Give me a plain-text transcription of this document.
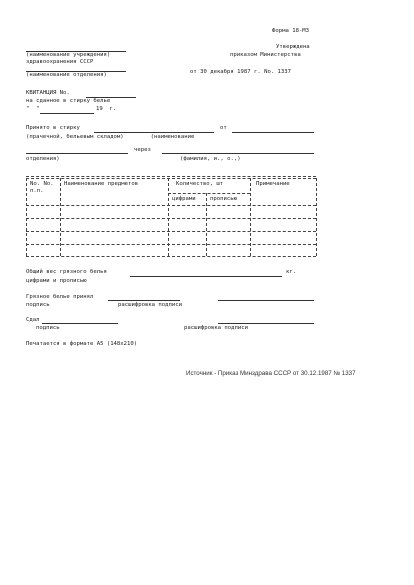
Форма 18-МЗ
(наименование учреждения)
здравоохранения СССР
(наименование отделения)
Утверждена
приказом Министерства
от 30 декабря 1987 г. No. 1337
КВИТАНЦИЯ No.
на сданное в стирку белье
"  "	19  г.
Принято в стирку	от
(прачечной, бельевым складом)        (наименование
через
отделения)	(фамилия, и., о.,)
No. No.
п.п.
Наименование предметов	Количество, шт	Примечание
цифрами	прописью
Общий вес грязного белья	кг.
цифрами и прописью
Грязное белье принял
подпись	расшифровка подписи
Сдал
подпись	расшифровка подписи
Печатается в формате А5 (148х210)
Источник - Приказ Минздрава СССР от 30.12.1987 № 1337
